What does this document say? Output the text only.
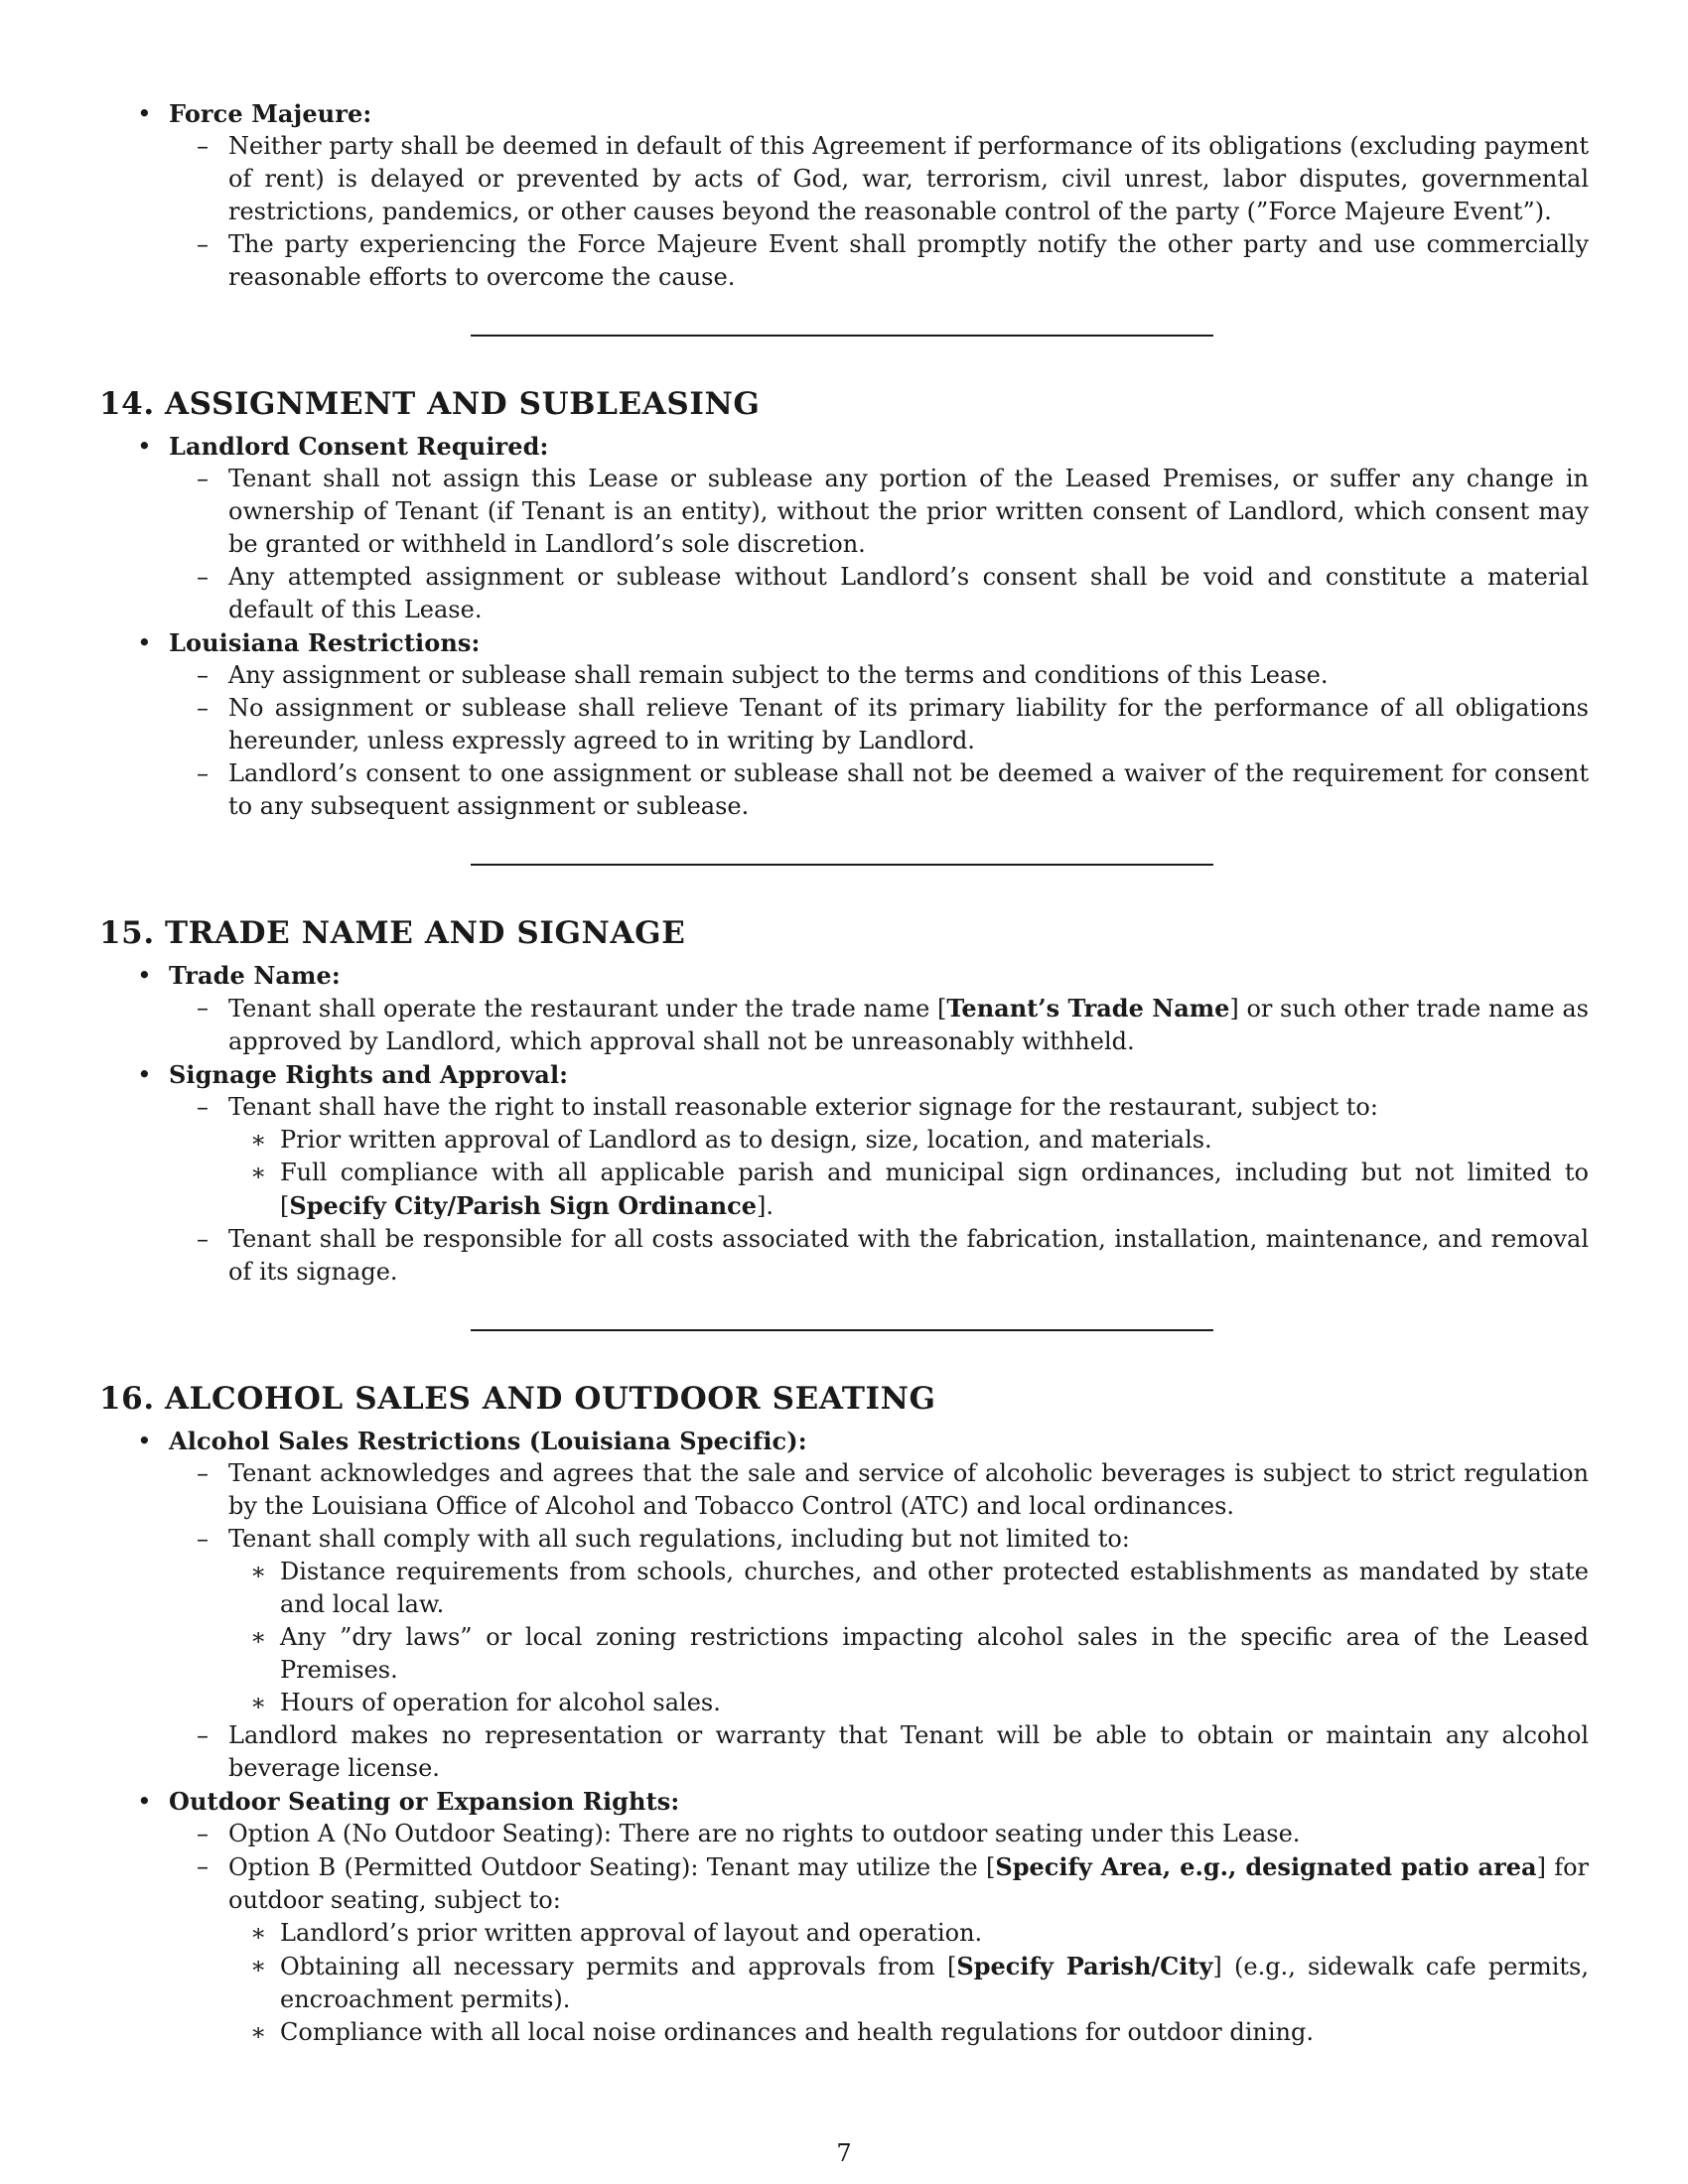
• Force Majeure:

– Neither party shall be deemed in default of this Agreement if performance of its obligations (excluding payment of rent) is delayed or prevented by acts of God, war, terrorism, civil unrest, labor disputes, governmental restrictions, pandemics, or other causes beyond the reasonable control of the party (”Force Majeure Event”).
– The party experiencing the Force Majeure Event shall promptly notify the other party and use commercially reasonable efforts to overcome the cause.
14. ASSIGNMENT AND SUBLEASING

• Landlord Consent Required:

– Tenant shall not assign this Lease or sublease any portion of the Leased Premises, or suffer any change in ownership of Tenant (if Tenant is an entity), without the prior written consent of Landlord, which consent may be granted or withheld in Landlord’s sole discretion.
– Any attempted assignment or sublease without Landlord’s consent shall be void and constitute a material default of this Lease.

• Louisiana Restrictions:

– Any assignment or sublease shall remain subject to the terms and conditions of this Lease.
– No assignment or sublease shall relieve Tenant of its primary liability for the performance of all obligations hereunder, unless expressly agreed to in writing by Landlord.
– Landlord’s consent to one assignment or sublease shall not be deemed a waiver of the requirement for consent to any subsequent assignment or sublease.
15. TRADE NAME AND SIGNAGE

• Trade Name:

– Tenant shall operate the restaurant under the trade name [Tenant’s Trade Name] or such other trade name as approved by Landlord, which approval shall not be unreasonably withheld.

• Signage Rights and Approval:

– Tenant shall have the right to install reasonable exterior signage for the restaurant, subject to:
∗ Prior written approval of Landlord as to design, size, location, and materials.
∗ Full compliance with all applicable parish and municipal sign ordinances, including but not limited to [Specify City/Parish Sign Ordinance].
– Tenant shall be responsible for all costs associated with the fabrication, installation, maintenance, and removal of its signage.
16. ALCOHOL SALES AND OUTDOOR SEATING

• Alcohol Sales Restrictions (Louisiana Specific):

– Tenant acknowledges and agrees that the sale and service of alcoholic beverages is subject to strict regulation by the Louisiana Office of Alcohol and Tobacco Control (ATC) and local ordinances.
– Tenant shall comply with all such regulations, including but not limited to:
∗ Distance requirements from schools, churches, and other protected establishments as mandated by state and local law.
∗ Any ”dry laws” or local zoning restrictions impacting alcohol sales in the specific area of the Leased Premises.
∗ Hours of operation for alcohol sales.
– Landlord makes no representation or warranty that Tenant will be able to obtain or maintain any alcohol beverage license.

• Outdoor Seating or Expansion Rights:

– Option A (No Outdoor Seating): There are no rights to outdoor seating under this Lease.
– Option B (Permitted Outdoor Seating): Tenant may utilize the [Specify Area, e.g., designated patio area] for outdoor seating, subject to:
∗ Landlord’s prior written approval of layout and operation.
∗ Obtaining all necessary permits and approvals from [Specify Parish/City] (e.g., sidewalk cafe permits, encroachment permits).
∗ Compliance with all local noise ordinances and health regulations for outdoor dining.
7
